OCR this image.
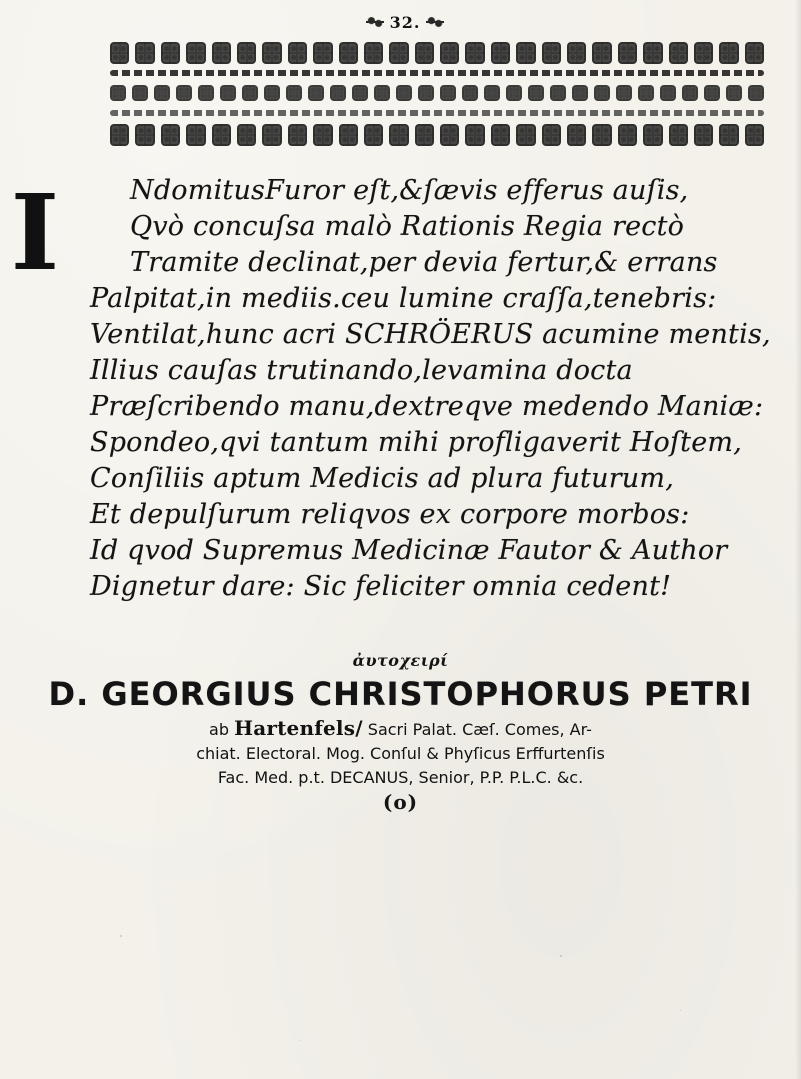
32.
I	NdomitusFuror eſt,&ſævis efferus auſis,
Qvò concuſsa malò Rationis Regia rectò
Tramite declinat,per devia fertur,& errans
Palpitat,in mediis.ceu lumine craſſa,tenebris:
Ventilat,hunc acri SCHRÖERUS acumine mentis,
Illius cauſas trutinando,levamina docta
Præſcribendo manu,dextreqve medendo Maniæ:
Spondeo,qvi tantum mihi profligaverit Hoſtem,
Conſiliis aptum Medicis ad plura futurum,
Et depulſurum reliqvos ex corpore morbos:
Id qvod Supremus Medicinæ Fautor & Author
Dignetur dare: Sic feliciter omnia cedent!
ἀυτοχειρί
D. GEORGIUS CHRISTOPHORUS PETRI
ab Hartenfels/ Sacri Palat. Cæſ. Comes, Ar-
chiat. Electoral. Mog. Conſul & Phyſicus Erffurtenſis
Fac. Med. p.t. DECANUS, Senior, P.P. P.L.C. &c.
(o)
